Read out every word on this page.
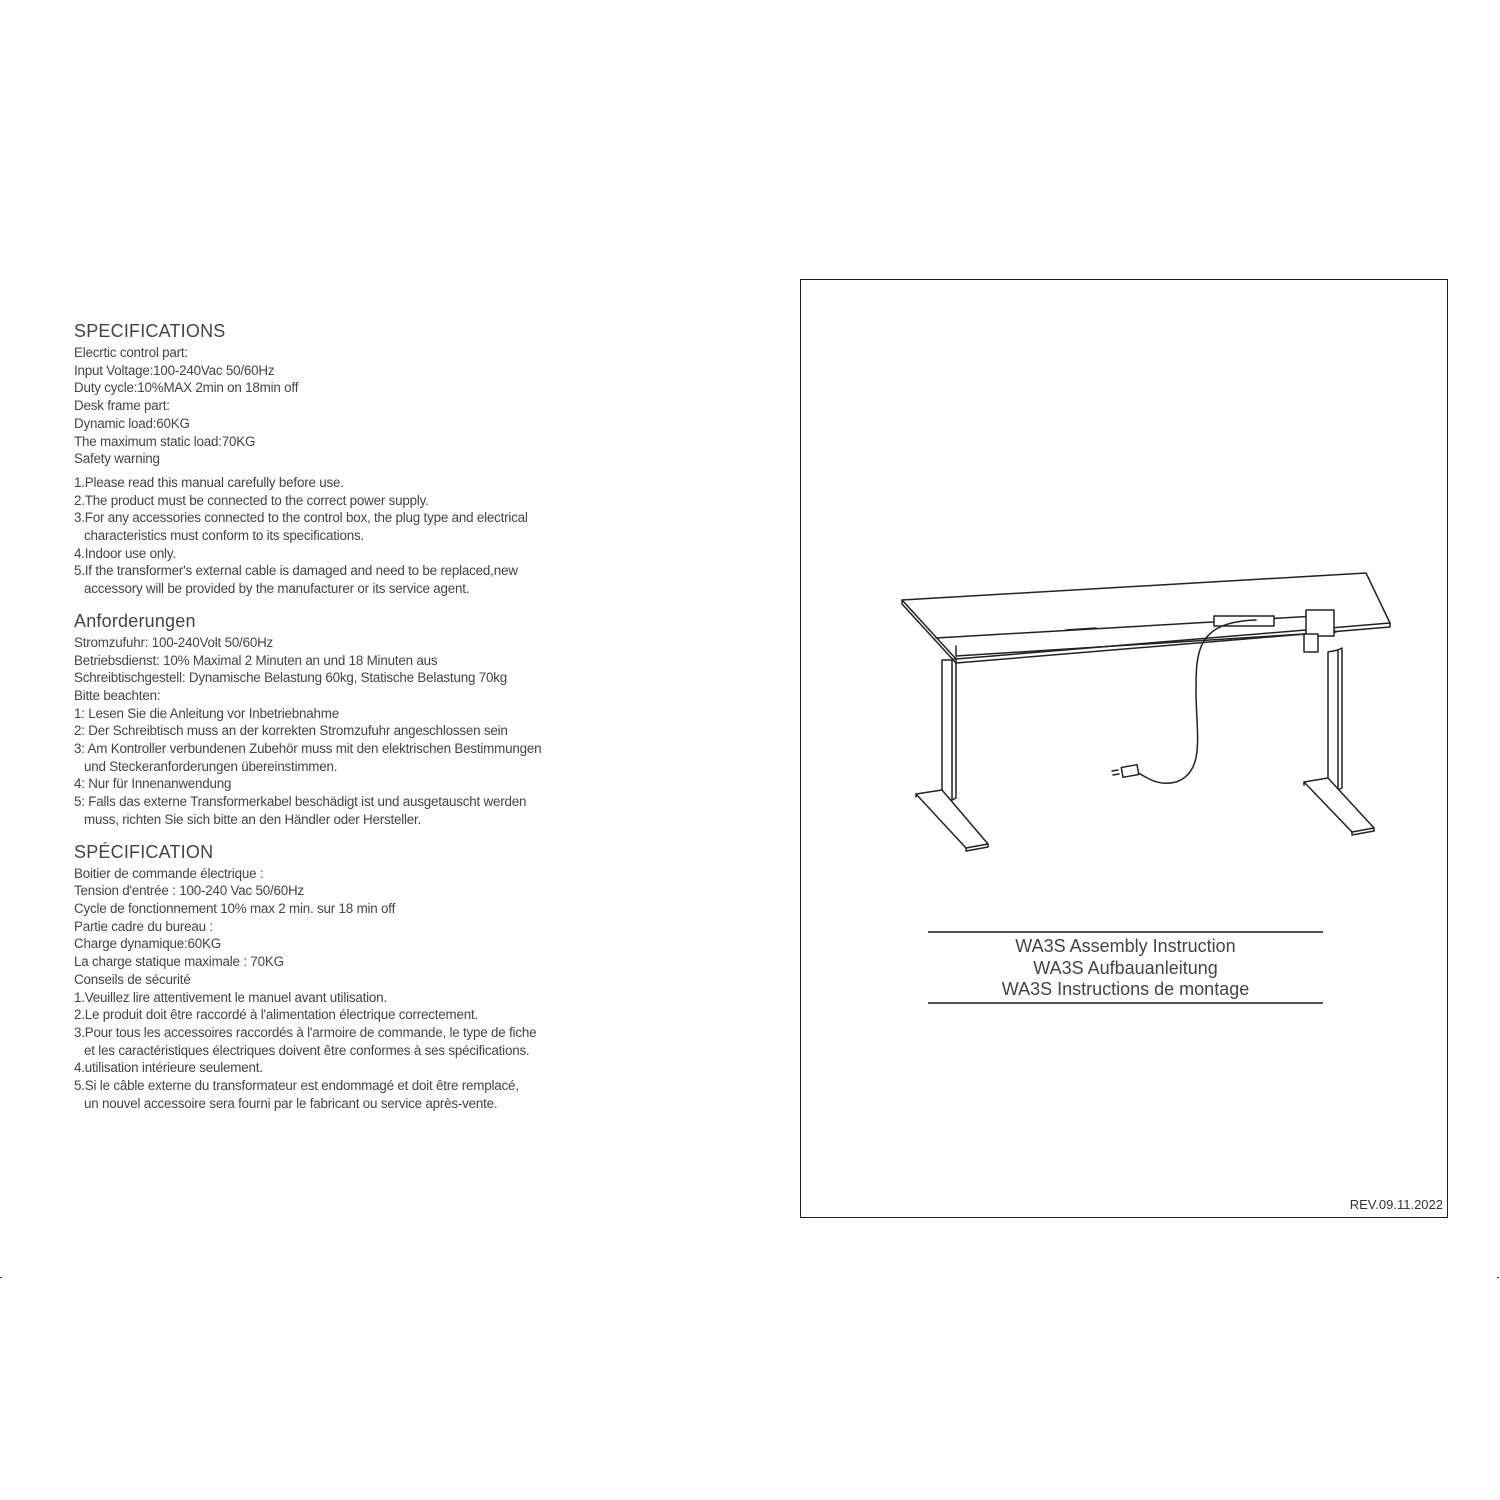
SPECIFICATIONS
Elecrtic control part:
Input Voltage:100-240Vac 50/60Hz
Duty cycle:10%MAX 2min on 18min off
Desk frame part:
Dynamic load:60KG
The maximum static load:70KG
Safety warning
1.Please read this manual carefully before use.
2.The product must be connected to the correct power supply.
3.For any accessories connected to the control box, the plug type and electrical
characteristics must conform to its specifications.
4.Indoor use only.
5.If the transformer's external cable is damaged and need to be replaced,new
accessory will be provided by the manufacturer or its service agent.
Anforderungen
Stromzufuhr: 100-240Volt 50/60Hz
Betriebsdienst: 10% Maximal 2 Minuten an und 18 Minuten aus
Schreibtischgestell: Dynamische Belastung 60kg, Statische Belastung 70kg
Bitte beachten:
1: Lesen Sie die Anleitung vor Inbetriebnahme
2: Der Schreibtisch muss an der korrekten Stromzufuhr angeschlossen sein
3: Am Kontroller verbundenen Zubehör muss mit den elektrischen Bestimmungen
und Steckeranforderungen übereinstimmen.
4: Nur für Innenanwendung
5: Falls das externe Transformerkabel beschädigt ist und ausgetauscht werden
muss, richten Sie sich bitte an den Händler oder Hersteller.
SPÉCIFICATION
Boitier de commande électrique :
Tension d'entrée : 100-240 Vac 50/60Hz
Cycle de fonctionnement 10% max 2 min. sur 18 min off
Partie cadre du bureau :
Charge dynamique:60KG
La charge statique maximale : 70KG
Conseils de sécurité
1.Veuillez lire attentivement le manuel avant utilisation.
2.Le produit doit être raccordé à l'alimentation électrique correctement.
3.Pour tous les accessoires raccordés à l'armoire de commande, le type de fiche
et les caractéristiques électriques doivent être conformes à ses spécifications.
4.utilisation intérieure seulement.
5.Si le câble externe du transformateur est endommagé et doit être remplacé,
un nouvel accessoire sera fourni par le fabricant ou service après-vente.
WA3S Assembly Instruction
WA3S Aufbauanleitung
WA3S Instructions de montage
REV.09.11.2022
